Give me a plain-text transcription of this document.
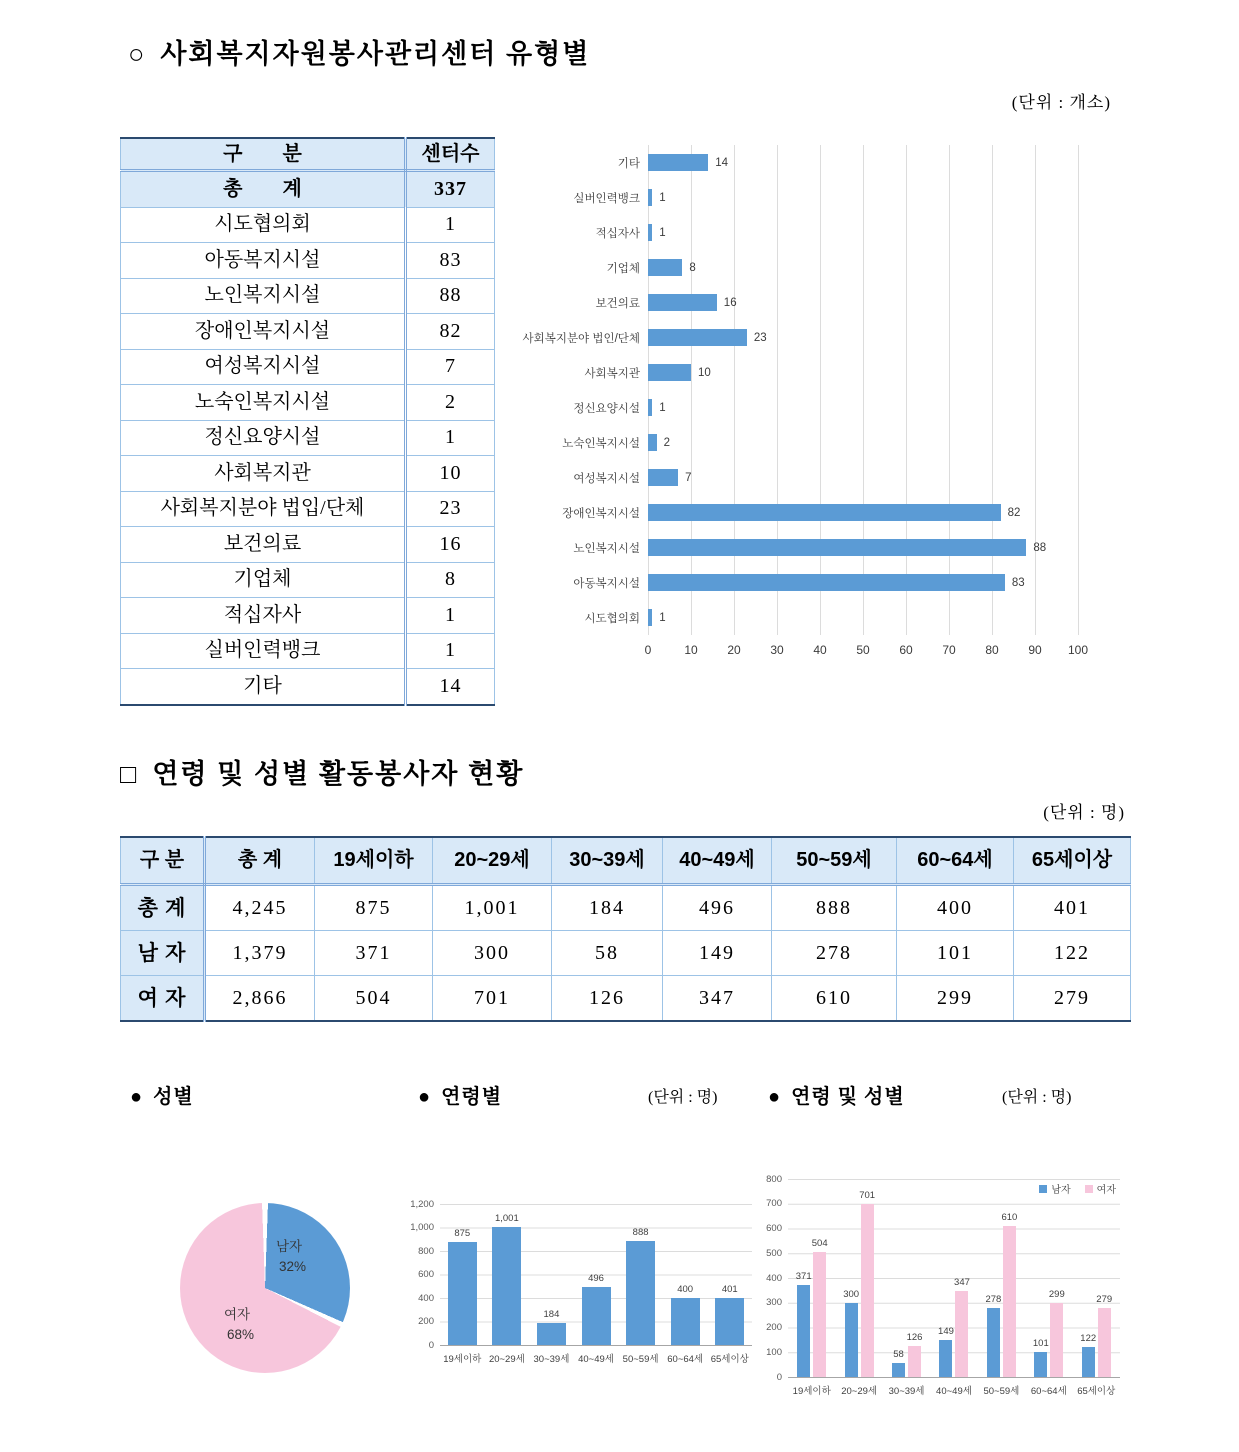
○ 사회복지자원봉사관리센터 유형별
(단위 : 개소)
구　　분	센터수
총　　계	337
시도협의회	1
아동복지시설	83
노인복지시설	88
장애인복지시설	82
여성복지시설	7
노숙인복지시설	2
정신요양시설	1
사회복지관	10
사회복지분야 법입/단체	23
보건의료	16
기업체	8
적십자사	1
실버인력뱅크	1
기타	14
기타
실버인력뱅크
적십자사
기업체
보건의료
사회복지분야 법인/단체
사회복지관
정신요양시설
노숙인복지시설
여성복지시설
장애인복지시설
노인복지시설
아동복지시설
시도협의회
14
1
1
8
16
23
10
1
2
7
82
88
83
1
0	10 20 30 40 50 60 70 80 90 100
□ 연령 및 성별 활동봉사자 현황
(단위 : 명)
구 분	총 계	19세이하	20~29세	30~39세	40~49세	50~59세	60~64세	65세이상
총 계	4,245	875	1,001	184	496	888	400	401
남 자	1,379	371	300	58	149	278	101	122
여 자	2,866	504	701	126	347	610	299	279
● 성별	● 연령별	(단위 : 명)	● 연령 및 성별	(단위 : 명)
남자
32%
여자
68%
0
200
400
600
800
1,000
1,200
875
1,001
184
496
888
400	401
19세이하 20~29세 30~39세 40~49세 50~59세 60~64세 65세이상
0
100
200
300
400
500
600
700
800
371
504
300
701
58
126
149
347
278
610
101
299
122
279
남자	여자
19세이하	20~29세	30~39세	40~49세	50~59세	60~64세	65세이상
